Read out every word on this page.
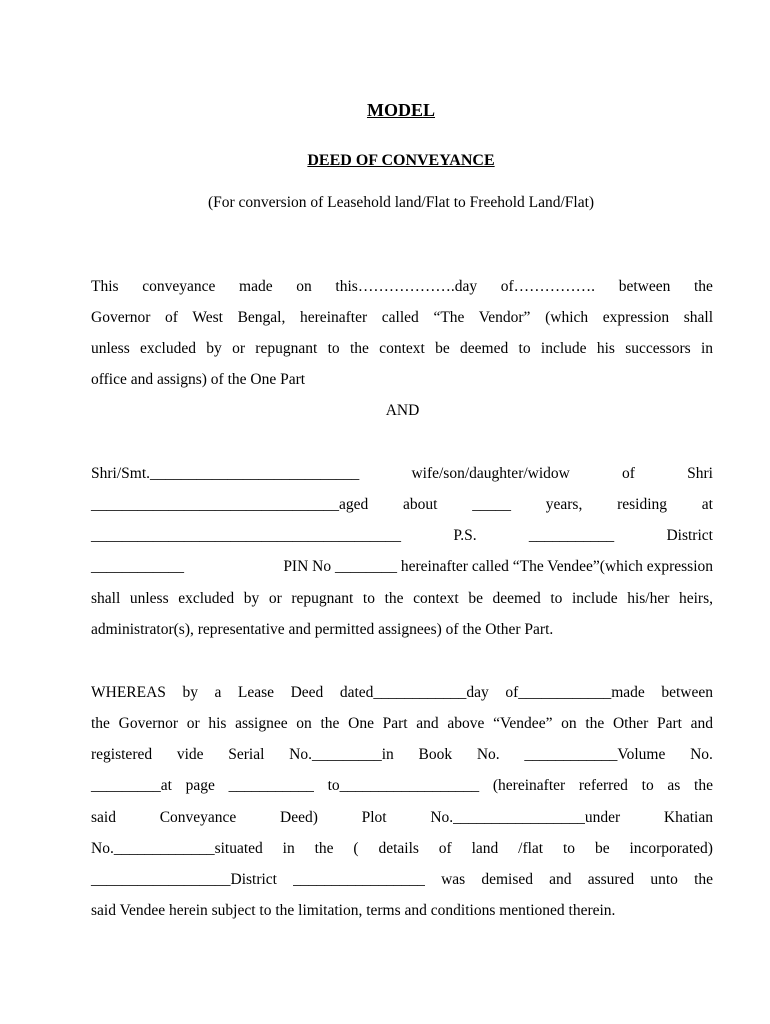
MODEL
DEED OF CONVEYANCE
(For conversion of Leasehold land/Flat to Freehold Land/Flat)
This conveyance made on this……………….day of……………. between the
Governor of West Bengal, hereinafter called “The Vendor” (which expression shall
unless excluded by or repugnant to the context be deemed to include his successors in
office and assigns) of the One Part
AND
Shri/Smt.___________________________	wife/son/daughter/widow	of	Shri
________________________________aged about _____ years, residing at
________________________________________	P.S.	___________	District
____________	PIN No ________ hereinafter called “The Vendee”(which expression
shall unless excluded by or repugnant to the context be deemed to include his/her heirs,
administrator(s), representative and permitted assignees) of the Other Part.
WHEREAS by a Lease Deed dated____________day of____________made between
the Governor or his assignee on the One Part and above “Vendee” on the Other Part and
registered vide Serial No._________in Book No. ____________Volume No.
_________at page ___________ to__________________ (hereinafter referred to as the
said	Conveyance	Deed)	Plot	No._________________under	Khatian
No._____________situated in the ( details of land /flat to be incorporated)
__________________District _________________ was demised and assured unto the
said Vendee herein subject to the limitation, terms and conditions mentioned therein.
